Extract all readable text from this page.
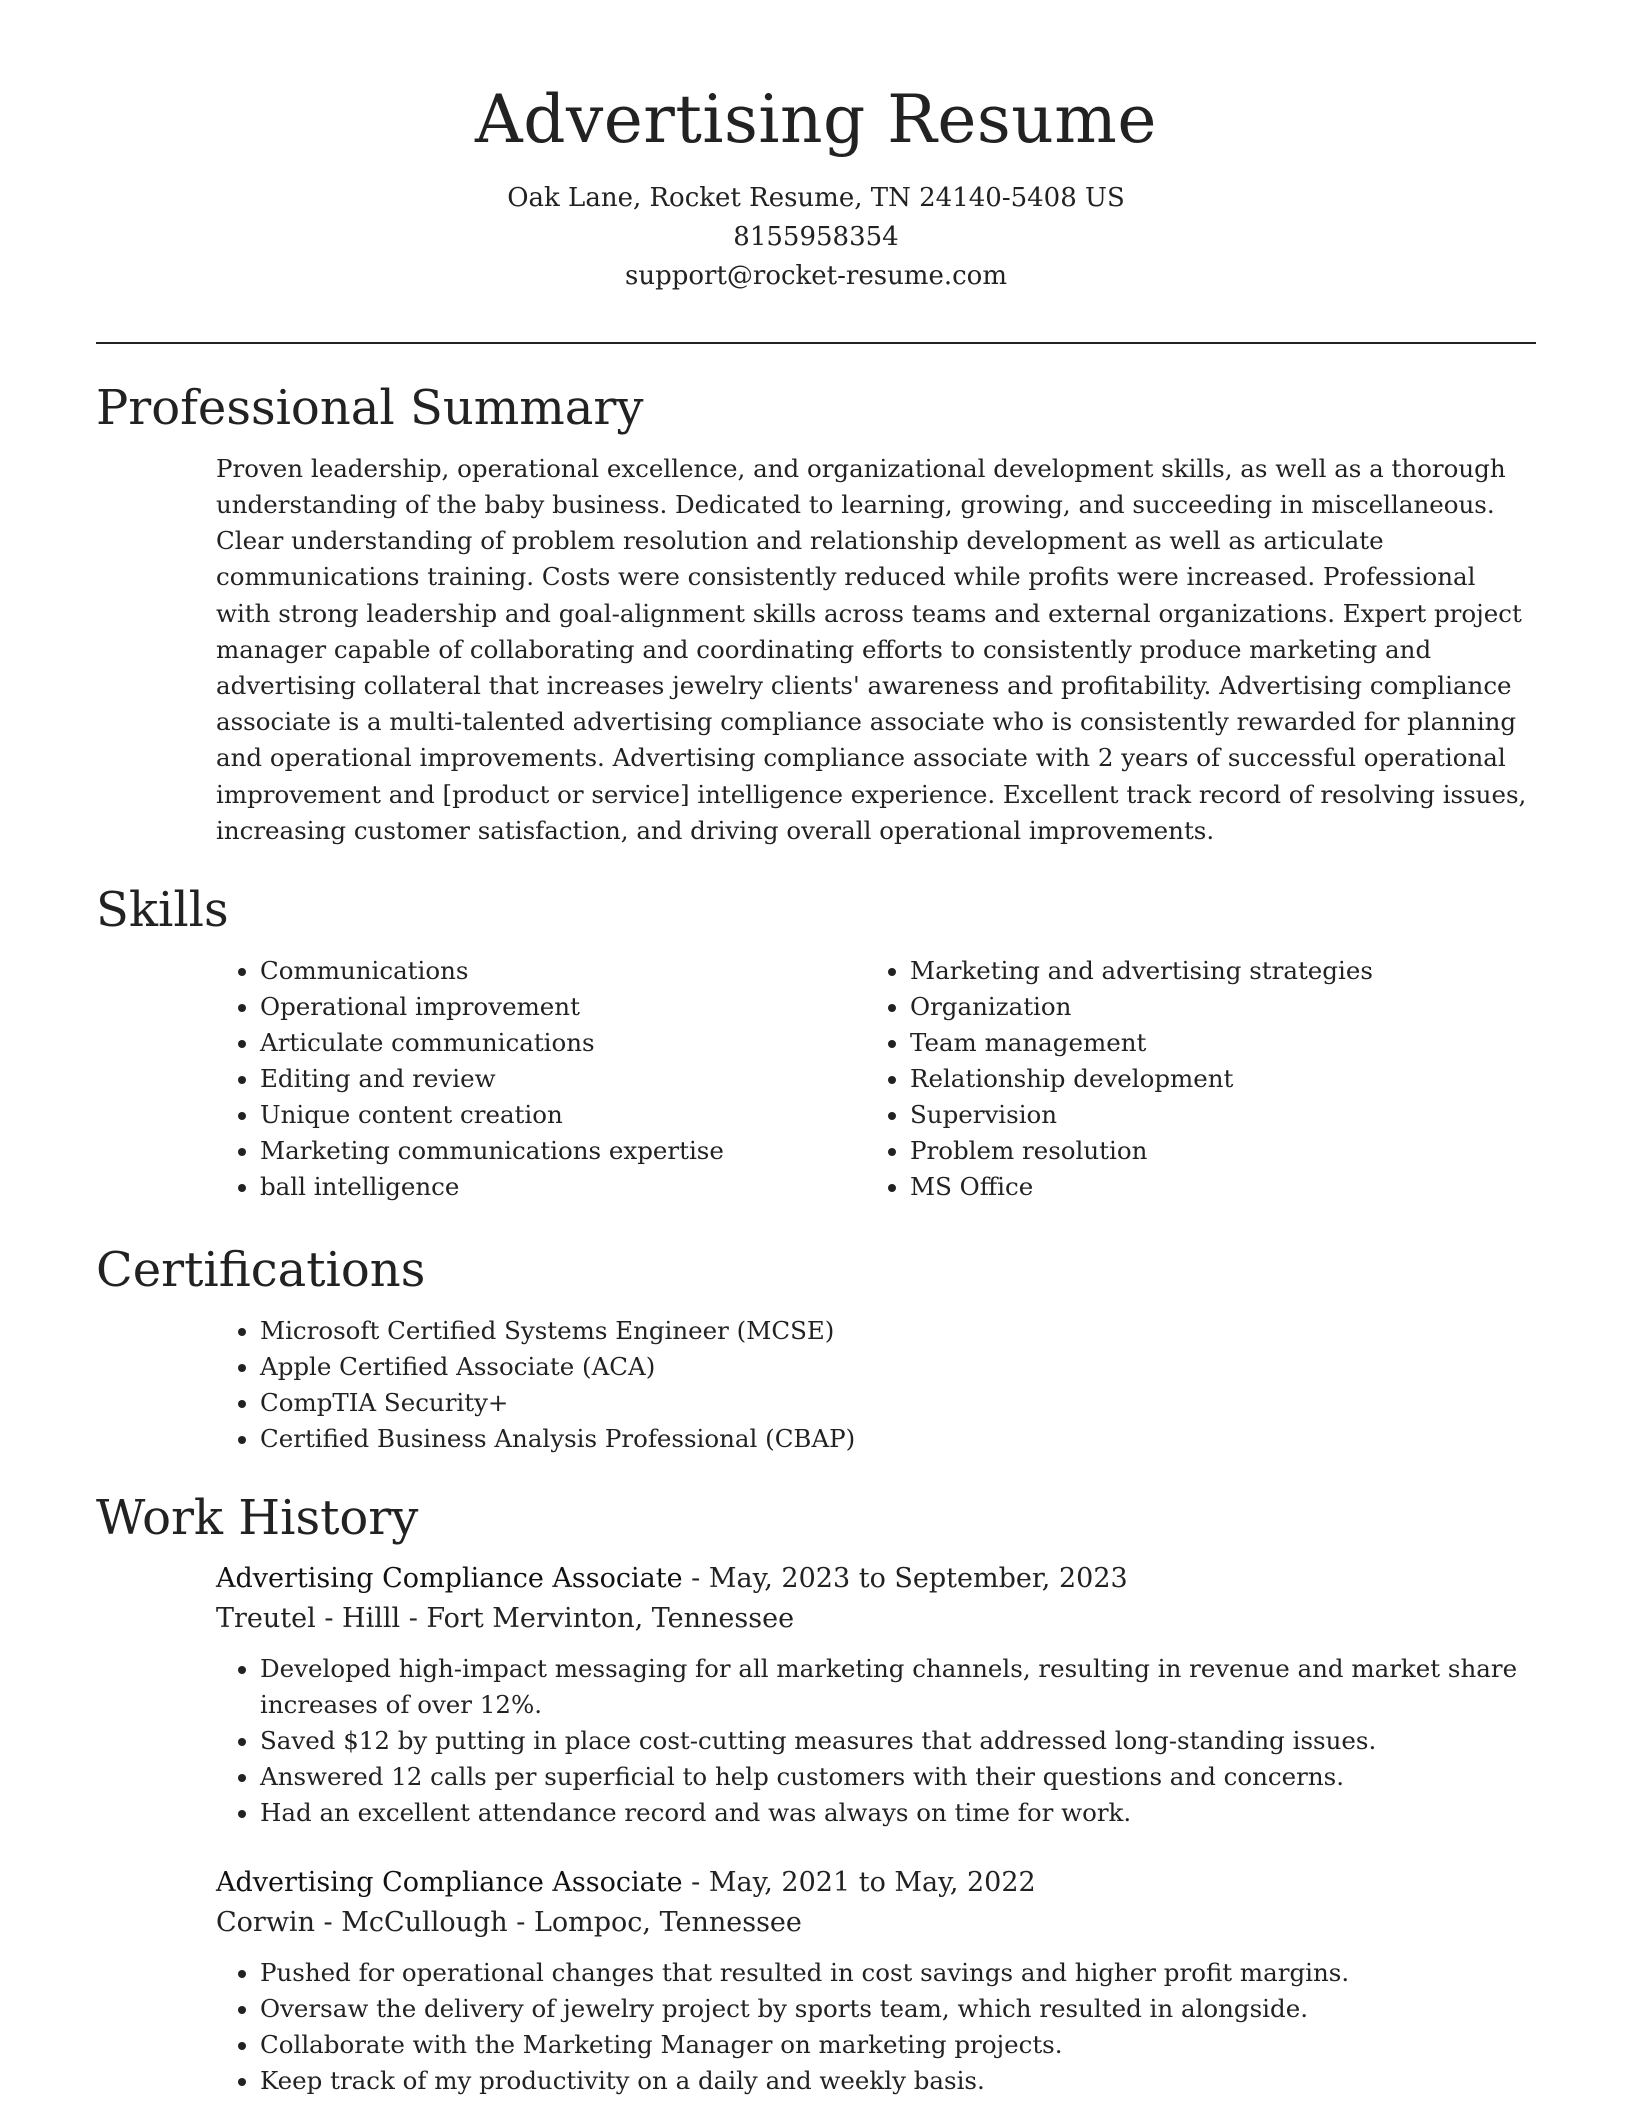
Advertising Resume
Oak Lane, Rocket Resume, TN 24140-5408 US
8155958354
support@rocket-resume.com
Professional Summary

Proven leadership, operational excellence, and organizational development skills, as well as a thorough understanding of the baby business. Dedicated to learning, growing, and succeeding in miscellaneous. Clear understanding of problem resolution and relationship development as well as articulate communications training. Costs were consistently reduced while profits were increased. Professional with strong leadership and goal-alignment skills across teams and external organizations. Expert project manager capable of collaborating and coordinating efforts to consistently produce marketing and advertising collateral that increases jewelry clients' awareness and profitability. Advertising compliance associate is a multi-talented advertising compliance associate who is consistently rewarded for planning and operational improvements. Advertising compliance associate with 2 years of successful operational improvement and [product or service] intelligence experience. Excellent track record of resolving issues, increasing customer satisfaction, and driving overall operational improvements.

Skills
• Communications
• Operational improvement
• Articulate communications
• Editing and review
• Unique content creation
• Marketing communications expertise
• ball intelligence
• Marketing and advertising strategies
• Organization
• Team management
• Relationship development
• Supervision
• Problem resolution
• MS Office
Certifications
• Microsoft Certified Systems Engineer (MCSE)
• Apple Certified Associate (ACA)
• CompTIA Security+
• Certified Business Analysis Professional (CBAP)
Work History
Advertising Compliance Associate - May, 2023 to September, 2023
Treutel - Hilll - Fort Mervinton, Tennessee
• Developed high-impact messaging for all marketing channels, resulting in revenue and market share increases of over 12%.
• Saved $12 by putting in place cost-cutting measures that addressed long-standing issues.
• Answered 12 calls per superficial to help customers with their questions and concerns.
• Had an excellent attendance record and was always on time for work.
Advertising Compliance Associate - May, 2021 to May, 2022
Corwin - McCullough - Lompoc, Tennessee
• Pushed for operational changes that resulted in cost savings and higher profit margins.
• Oversaw the delivery of jewelry project by sports team, which resulted in alongside.
• Collaborate with the Marketing Manager on marketing projects.
• Keep track of my productivity on a daily and weekly basis.
